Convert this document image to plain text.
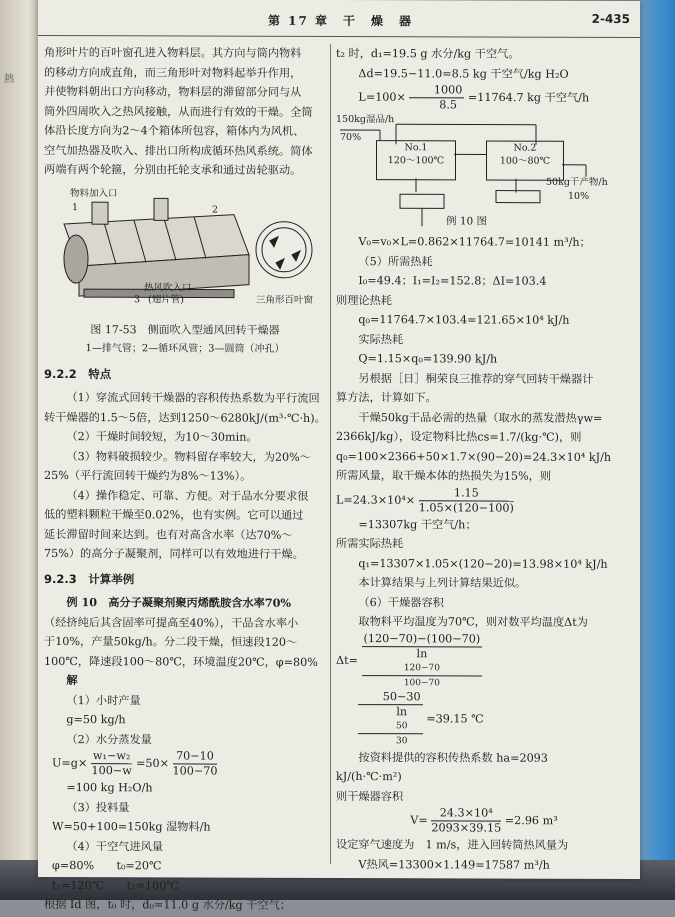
熱
第 17 章　干　燥　器	2-435

角形叶片的百叶窗孔进入物料层。其方向与筒内物料

的移动方向成直角，而三角形叶对物料起举升作用，

并使物料朝出口方向移动，物料层的滞留部分同与从

筒外四周吹入之热风接触，从而进行有效的干燥。全筒

体沿长度方向为2～4个箱体所包容，箱体内为风机、

空气加热器及吹入、排出口所构成循环热风系统。简体

两端有两个轮箍，分别由托轮支承和通过齿轮驱动。

物料加入口
1	2
热风吹入口
3 (翅片管)	三角形百叶窗

图 17-53　侧面吹入型通风回转干燥器

1—排气管；2—循环风管；3—圆筒（冲孔）

9.2.2　特点

（1）穿流式回转干燥器的容积传热系数为平行流回

转干燥器的1.5～5倍，达到1250～6280kJ/(m³·℃·h)。

（2）干燥时间较短，为10～30min。

（3）物料破损较少。物料留存率较大，为20%～

25%（平行流回转干燥约为8%～13%）。

（4）操作稳定、可靠、方便。对于品水分要求很

低的塑料颗粒干燥至0.02%，也有实例。它可以通过

延长滞留时间来达到。也有对高含水率（达70%～

75%）的高分子凝聚剂，同样可以有效地进行干燥。

9.2.3　计算举例

例 10　高分子凝聚剂聚丙烯酰胺含水率70%

（经挤纯后其含固率可提高至40%），干品含水率小

于10%，产量50kg/h。分二段干燥，恒速段120～

100℃，降速段100～80℃，环境温度20℃，φ=80%

解

（1）小时产量

g=50 kg/h

（2）水分蒸发量

$U=g\times \frac{\text{w₁−w₂}}{100-w} =50\times \frac{70-10}{100-70}$

=100 kg H₂O/h

（3）投料量

W=50+100=150kg 湿物料/h

（4）干空气进风量

φ=80%　　t₀=20℃

t₁=120℃　　t₂=100℃

根据 Id 图，t₀ 时，d₀=11.0 g 水分/kg 干空气；

t₂ 时，d₁=19.5 g 水分/kg 干空气。

Δd=19.5−11.0=8.5 kg 干空气/kg H₂O

$L=100\times \frac{1000}{8.5} =11764.7$ kg 干空气/h

150kg湿品/h
70%
No.1
120～100℃
No.2
100～80℃
50kg干产物/h
10%
例 10 图

V₀=v₀×L=0.862×11764.7=10141 m³/h；

（5）所需热耗

I₀=49.4；I₁=I₂=152.8；ΔI=103.4

则理论热耗

q₀=11764.7×103.4=121.65×10⁴ kJ/h

实际热耗

Q=1.15×q₀=139.90 kJ/h

另根据［日］桐荣良三推荐的穿气回转干燥器计

算方法，计算如下。

干燥50kg干品必需的热量（取水的蒸发潜热γw=

2366kJ/kg），设定物料比热cs=1.7/(kg·℃)，则

q₀=100×2366+50×1.7×(90−20)=24.3×10⁴ kJ/h

所需风量，取干燥本体的热损失为15%，则

$L=24.3\times 10^4\times \frac{1.15}{1.05\times(120-100)}$

=13307kg 干空气/h；

所需实际热耗

q₁=13307×1.05×(120−20)=13.98×10⁴ kJ/h

本计算结果与上列计算结果近似。

（6）干燥器容积

取物料平均温度为70℃，则对数平均温度Δt为

Δt= (120−70)−(100−70)
ln
120−70
100−70

50−30
ln
50
30 =39.15 ℃

按资料提供的容积传热系数 ha=2093

kJ/(h·℃·m²)

则干燥器容积

$V= \frac{\text{24.3×10⁴}}{2093\times 39.15} =2.96$ m³

设定穿气速度为　1 m/s，进入回转筒热风量为

V热风=13300×1.149=17587 m³/h
